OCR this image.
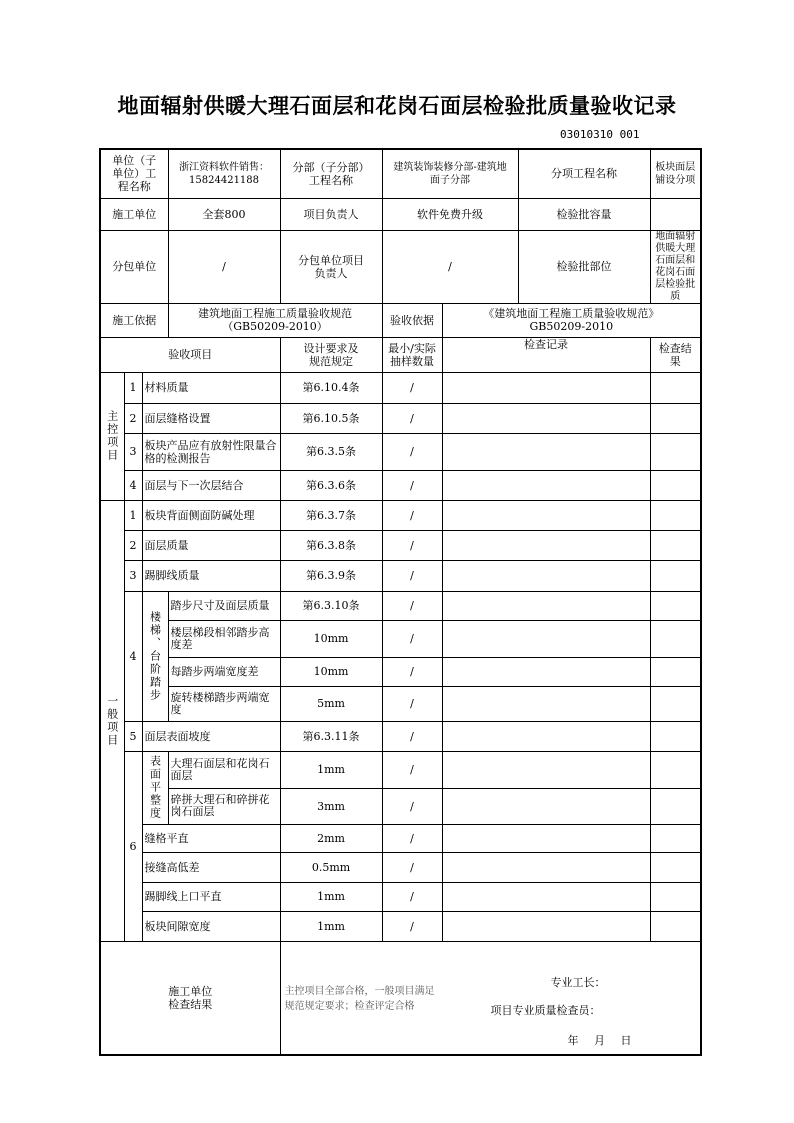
地面辐射供暖大理石面层和花岗石面层检验批质量验收记录
03010310 001
单位（子单位）工程名称			浙江资料软件销售：15824421188	分部（子分部）工程名称	建筑装饰装修分部-建筑地面子分部		分项工程名称	板块面层铺设分项
施工单位			全套800	项目负责人	软件免费升级		检验批容量	
分包单位			/	分包单位项目负责人	/		检验批部位	地面辐射供暖大理石面层和花岗石面层检验批质
施工依据			建筑地面工程施工质量验收规范（GB50209-2010）		验收依据	《建筑地面工程施工质量验收规范》GB50209-2010		
验收项目				设计要求及规范规定	最小/实际抽样数量	检查记录		检查结果

主控项目	1	材料质量		第6.10.4条	/			
	2	面层缝格设置		第6.10.5条	/			
	3	板块产品应有放射性限量合格的检测报告		第6.3.5条	/			
	4	面层与下一次层结合		第6.3.6条	/			

一般项目	1	板块背面侧面防碱处理		第6.3.7条	/			
	2	面层质量		第6.3.8条	/			
	3	踢脚线质量		第6.3.9条	/			
	4	楼梯、台阶踏步	踏步尺寸及面层质量	第6.3.10条	/			
			楼层梯段相邻踏步高度差	10mm	/			
			每踏步两端宽度差	10mm	/			
			旋转楼梯踏步两端宽度	5mm	/			
	5	面层表面坡度		第6.3.11条	/			
	6	表面平整度	大理石面层和花岗石面层	1mm	/			
			碎拼大理石和碎拼花岗石面层	3mm	/			
		缝格平直		2mm	/			
		接缝高低差		0.5mm	/			
		踢脚线上口平直		1mm	/			
		板块间隙宽度		1mm	/			
施工单位检查结果				主控项目全部合格，一般项目满足
规范规定要求；检查评定合格
专业工长：
项目专业质量检查员：
年 月 日				
